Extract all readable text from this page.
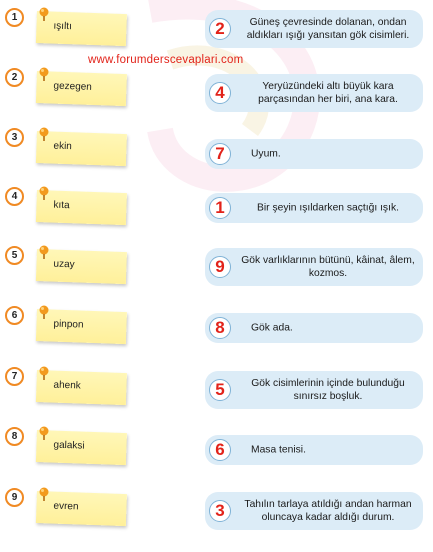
www.forumderscevaplari.com
1
ışıltı
2
gezegen
3
ekin
4
kıta
5
uzay
6
pinpon
7
ahenk
8
galaksi
9
evren
2	Güneş çevresinde dolanan, ondan aldıkları ışığı yansıtan gök cisimleri.
4	Yeryüzündeki altı büyük kara parçasından her biri, ana kara.
7	Uyum.
1	Bir şeyin ışıldarken saçtığı ışık.
9	Gök varlıklarının bütünü, kâinat, âlem, kozmos.
8	Gök ada.
5	Gök cisimlerinin içinde bulunduğu sınırsız boşluk.
6	Masa tenisi.
3	Tahılın tarlaya atıldığı andan harman oluncaya kadar aldığı durum.
